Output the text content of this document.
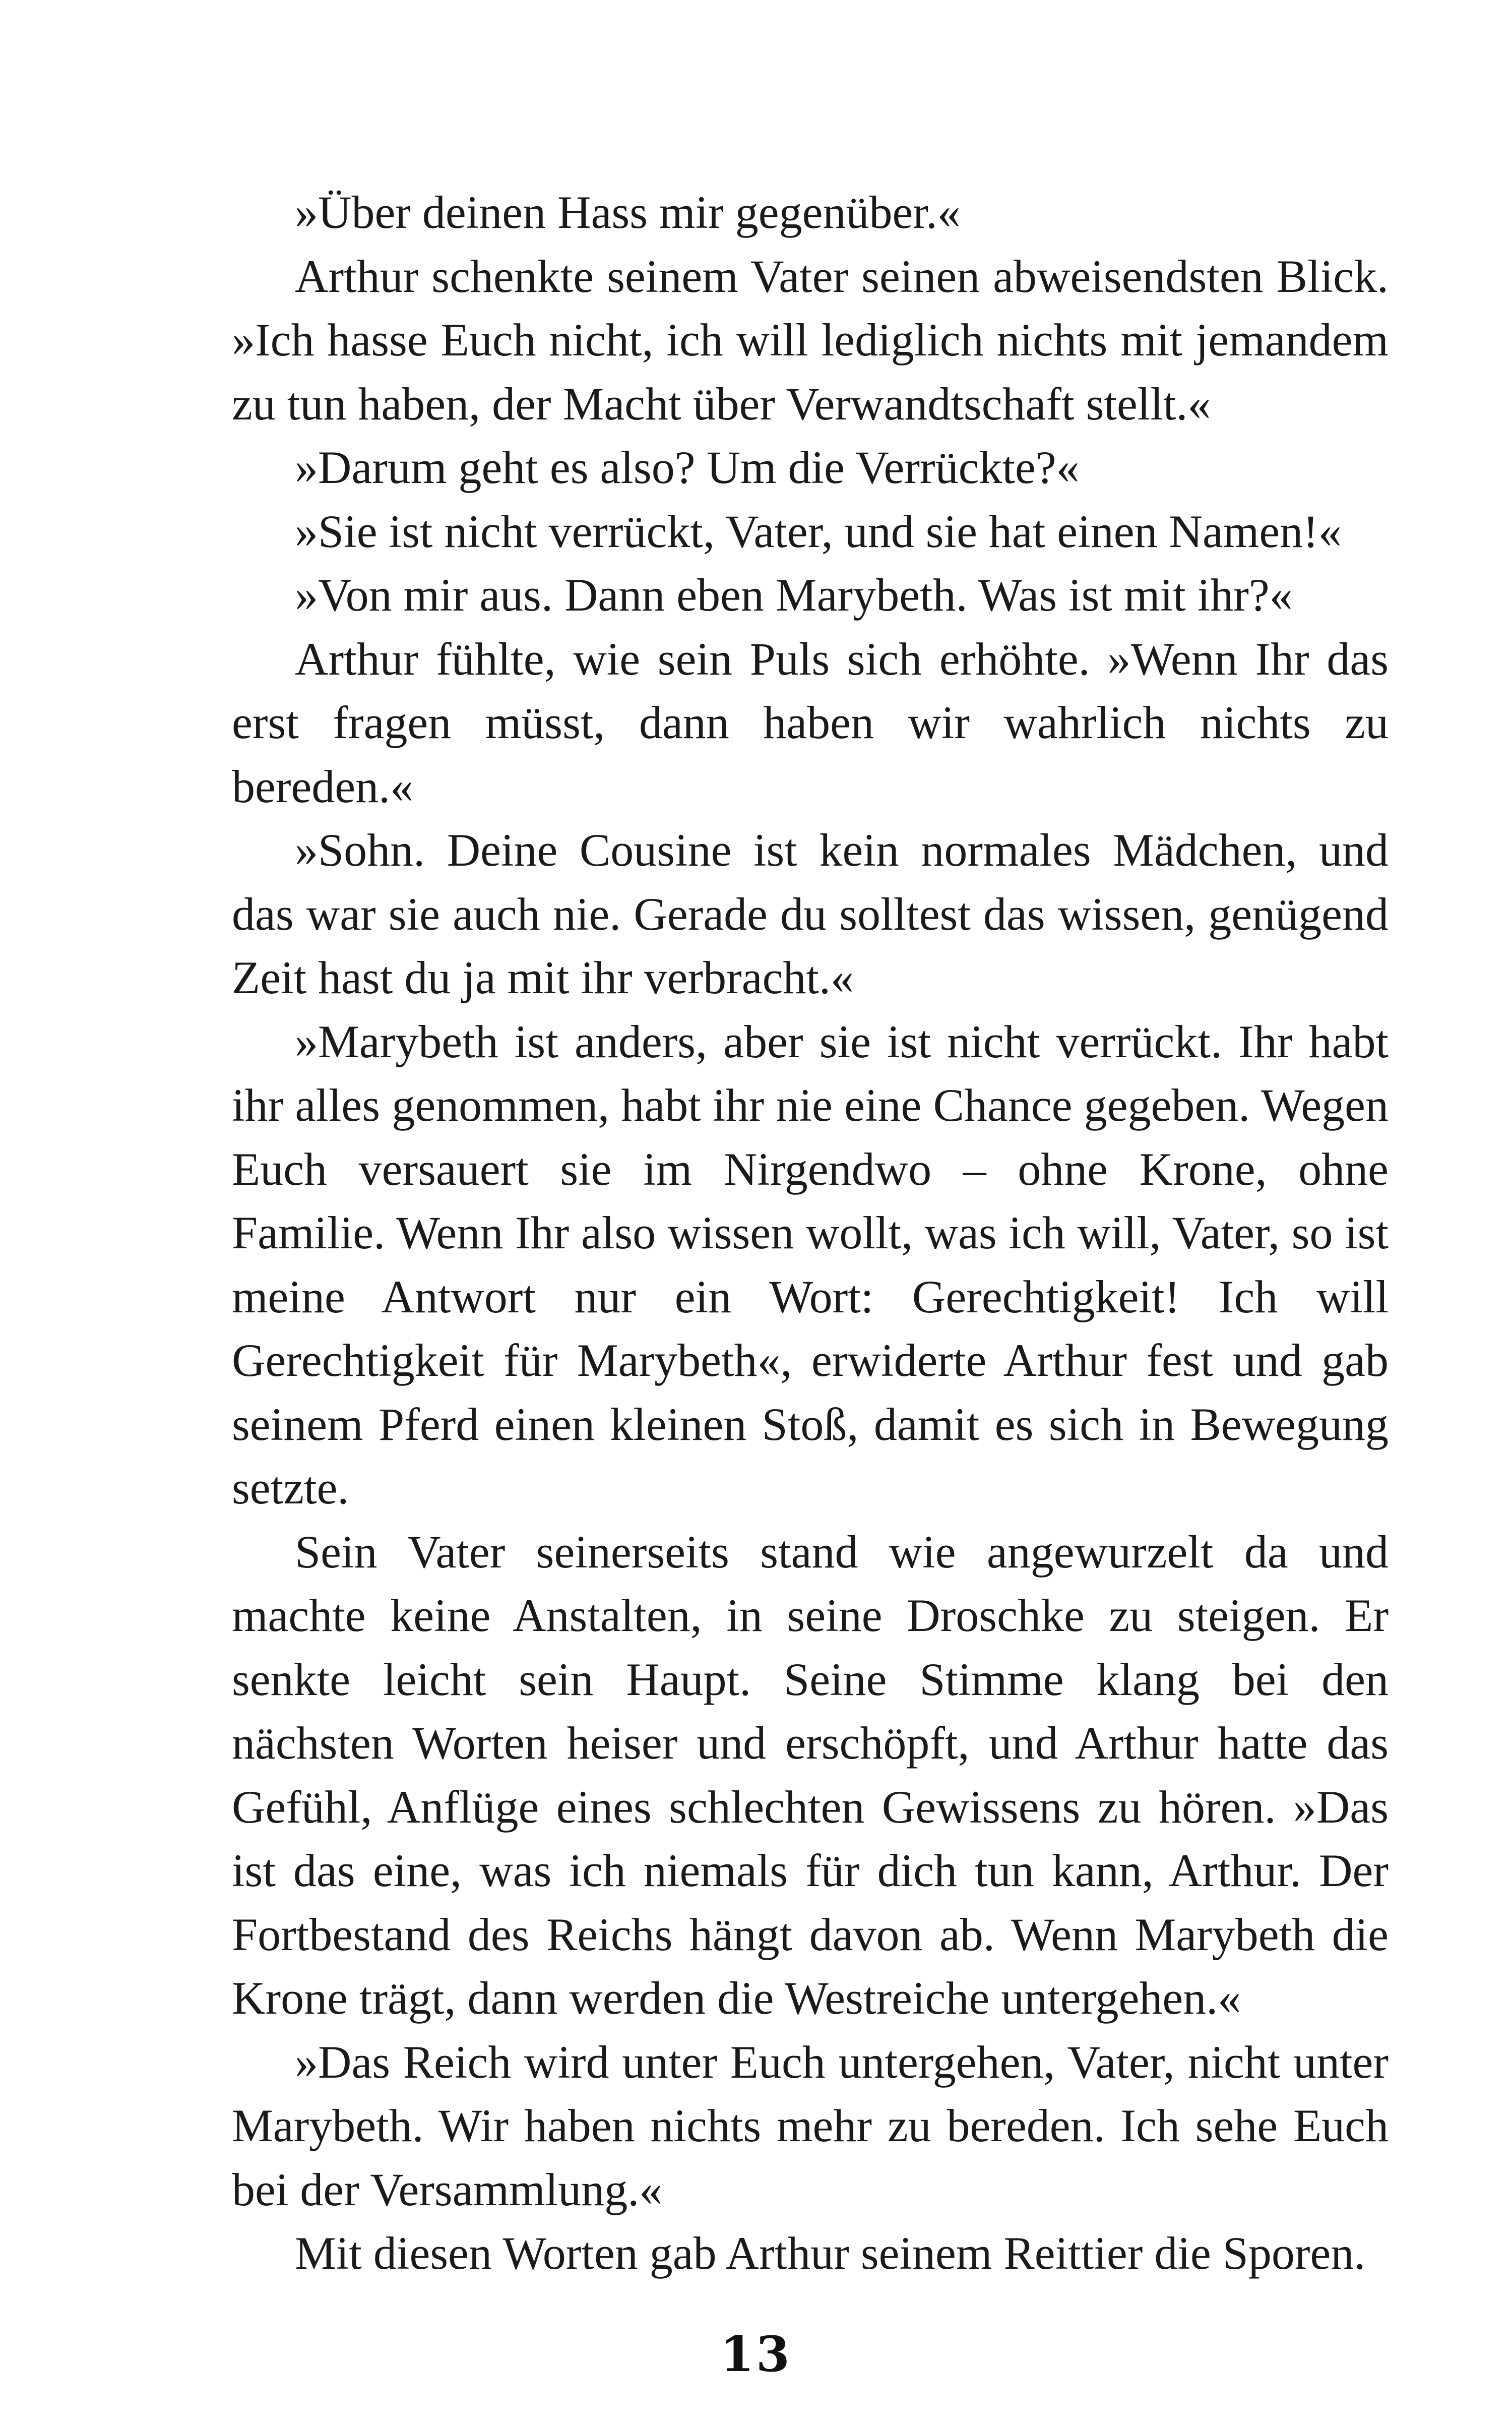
»Über deinen Hass mir gegenüber.«

Arthur schenkte seinem Vater seinen abweisendsten Blick. »Ich hasse Euch nicht, ich will lediglich nichts mit jemandem zu tun haben, der Macht über Verwandtschaft stellt.«

»Darum geht es also? Um die Verrückte?«

»Sie ist nicht verrückt, Vater, und sie hat einen Namen!«

»Von mir aus. Dann eben Marybeth. Was ist mit ihr?«

Arthur fühlte, wie sein Puls sich erhöhte. »Wenn Ihr das erst fragen müsst, dann haben wir wahrlich nichts zu bereden.«

»Sohn. Deine Cousine ist kein normales Mädchen, und das war sie auch nie. Gerade du solltest das wissen, genügend Zeit hast du ja mit ihr verbracht.«

»Marybeth ist anders, aber sie ist nicht verrückt. Ihr habt ihr alles genommen, habt ihr nie eine Chance gegeben. Wegen Euch versauert sie im Nirgendwo – ohne Krone, ohne Familie. Wenn Ihr also wissen wollt, was ich will, Vater, so ist meine Antwort nur ein Wort: Gerechtigkeit! Ich will Gerechtigkeit für Marybeth«, erwiderte Arthur fest und gab seinem Pferd einen kleinen Stoß, damit es sich in Bewegung setzte.

Sein Vater seinerseits stand wie angewurzelt da und machte keine Anstalten, in seine Droschke zu steigen. Er senkte leicht sein Haupt. Seine Stimme klang bei den nächsten Worten heiser und erschöpft, und Arthur hatte das Gefühl, Anflüge eines schlechten Gewissens zu hören. »Das ist das eine, was ich niemals für dich tun kann, Arthur. Der Fortbestand des Reichs hängt davon ab. Wenn Marybeth die Krone trägt, dann werden die Westreiche untergehen.«

»Das Reich wird unter Euch untergehen, Vater, nicht unter Marybeth. Wir haben nichts mehr zu bereden. Ich sehe Euch bei der Versammlung.«

Mit diesen Worten gab Arthur seinem Reittier die Sporen.

13
